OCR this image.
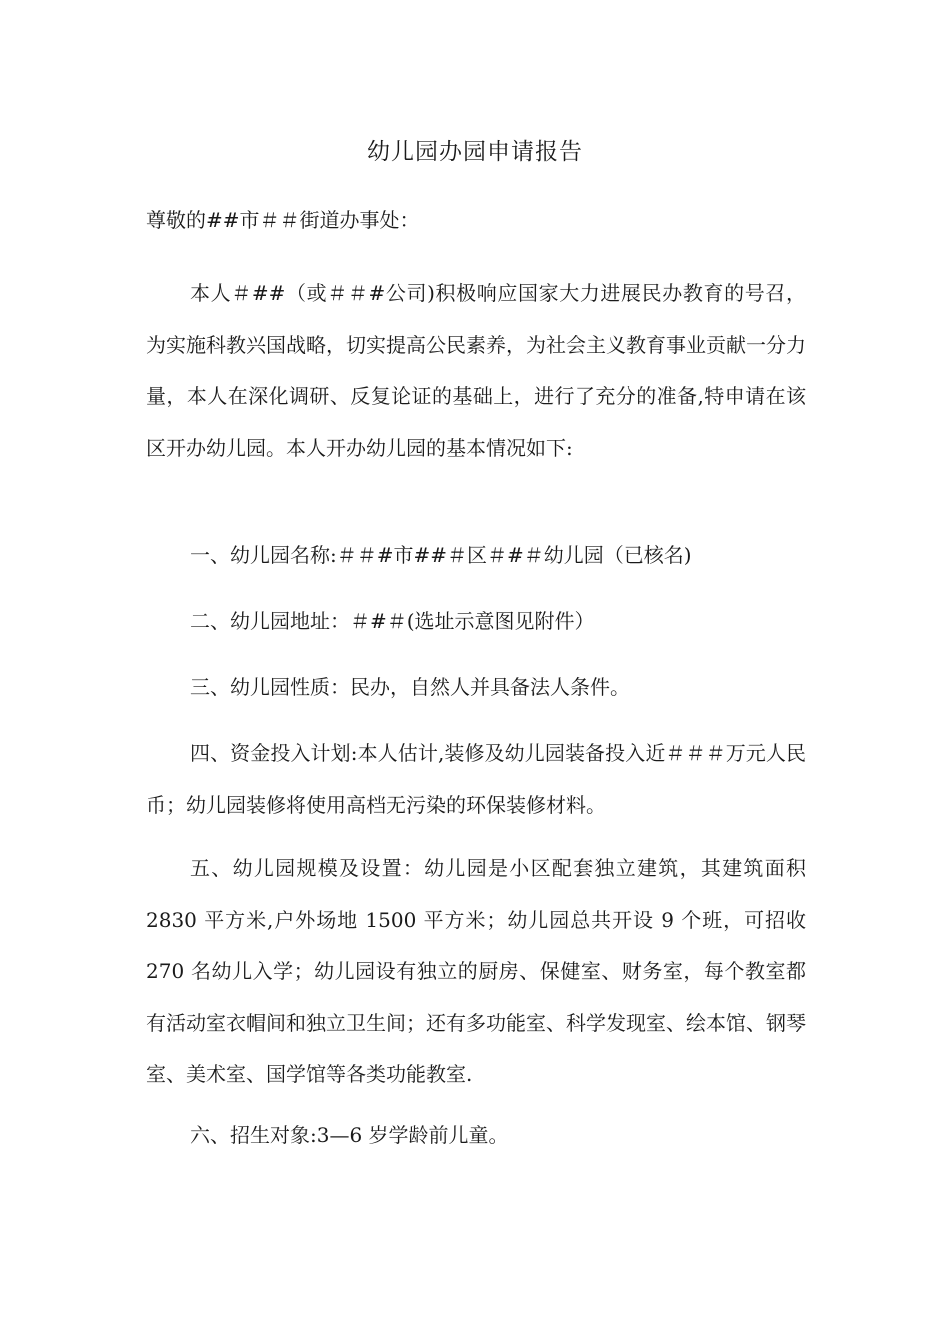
幼儿园办园申请报告
尊敬的##市＃＃街道办事处：

本人＃##（或＃＃#公司)积极响应国家大力进展民办教育的号召，为实施科教兴国战略，切实提高公民素养，为社会主义教育事业贡献一分力量，本人在深化调研、反复论证的基础上，进行了充分的准备,特申请在该区开办幼儿园。本人开办幼儿园的基本情况如下:

一、幼儿园名称:＃＃#市##＃区＃#＃幼儿园（已核名)

二、幼儿园地址：＃#＃(选址示意图见附件）

三、幼儿园性质：民办，自然人并具备法人条件。

四、资金投入计划:本人估计,装修及幼儿园装备投入近＃＃＃万元人民币；幼儿园装修将使用高档无污染的环保装修材料。

五、幼儿园规模及设置：幼儿园是小区配套独立建筑，其建筑面积 2830 平方米,户外场地 1500 平方米；幼儿园总共开设 9 个班，可招收 270 名幼儿入学；幼儿园设有独立的厨房、保健室、财务室，每个教室都有活动室衣帽间和独立卫生间；还有多功能室、科学发现室、绘本馆、钢琴室、美术室、国学馆等各类功能教室.

六、招生对象:3—6 岁学龄前儿童。
